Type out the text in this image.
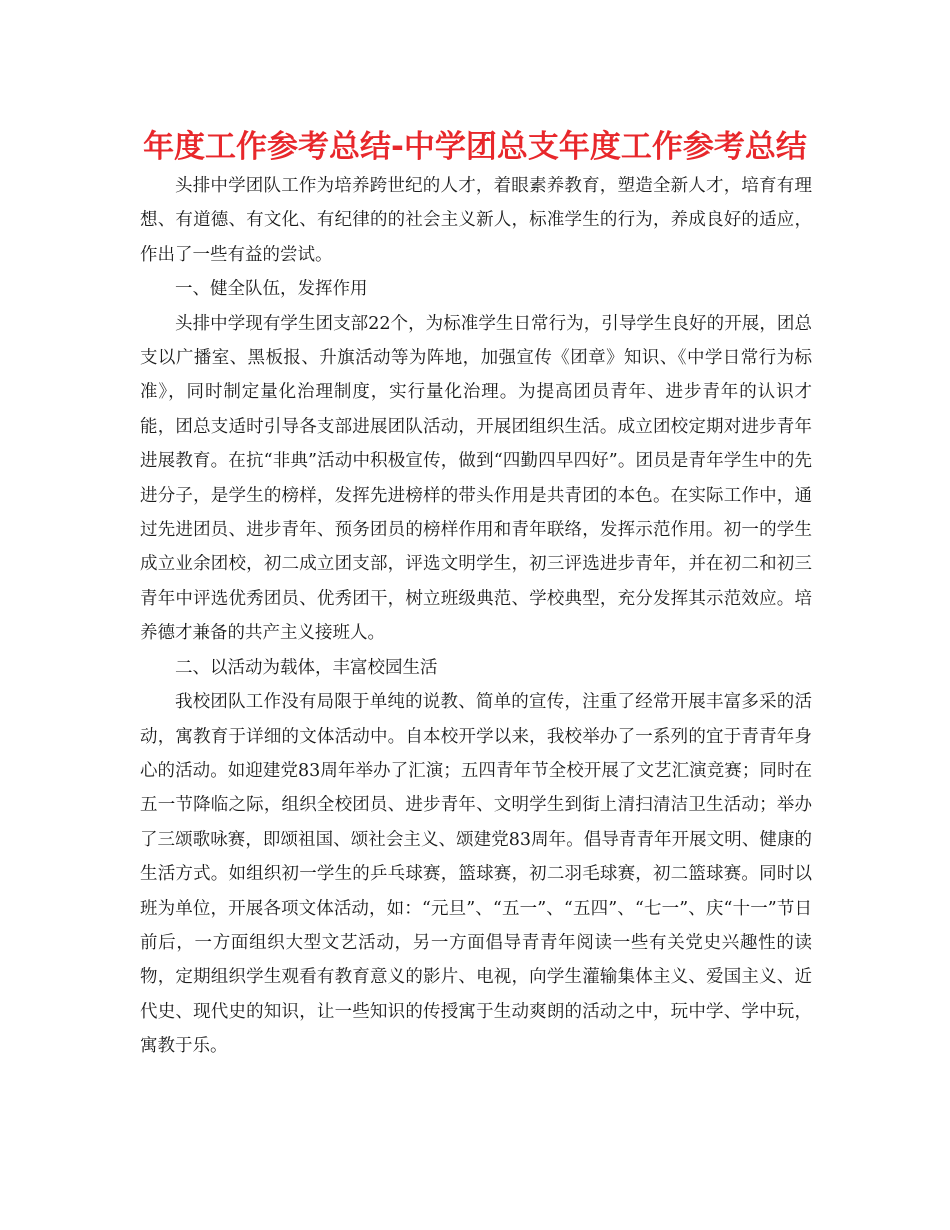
年度工作参考总结-中学团总支年度工作参考总结

头排中学团队工作为培养跨世纪的人才，着眼素养教育，塑造全新人才，培育有理想、有道德、有文化、有纪律的的社会主义新人，标准学生的行为，养成良好的适应，作出了一些有益的尝试。

一、健全队伍，发挥作用

头排中学现有学生团支部22个，为标准学生日常行为，引导学生良好的开展，团总支以广播室、黑板报、升旗活动等为阵地，加强宣传《团章》知识、《中学日常行为标准》，同时制定量化治理制度，实行量化治理。为提高团员青年、进步青年的认识才能，团总支适时引导各支部进展团队活动，开展团组织生活。成立团校定期对进步青年进展教育。在抗“非典”活动中积极宣传，做到“四勤四早四好”。团员是青年学生中的先进分子，是学生的榜样，发挥先进榜样的带头作用是共青团的本色。在实际工作中，通过先进团员、进步青年、预务团员的榜样作用和青年联络，发挥示范作用。初一的学生成立业余团校，初二成立团支部，评选文明学生，初三评选进步青年，并在初二和初三青年中评选优秀团员、优秀团干，树立班级典范、学校典型，充分发挥其示范效应。培养德才兼备的共产主义接班人。

二、以活动为载体，丰富校园生活

我校团队工作没有局限于单纯的说教、简单的宣传，注重了经常开展丰富多采的活动，寓教育于详细的文体活动中。自本校开学以来，我校举办了一系列的宜于青青年身心的活动。如迎建党83周年举办了汇演；五四青年节全校开展了文艺汇演竞赛；同时在五一节降临之际，组织全校团员、进步青年、文明学生到街上清扫清洁卫生活动；举办了三颂歌咏赛，即颂祖国、颂社会主义、颂建党83周年。倡导青青年开展文明、健康的生活方式。如组织初一学生的乒乓球赛，篮球赛，初二羽毛球赛，初二篮球赛。同时以班为单位，开展各项文体活动，如：“元旦”、“五一”、“五四”、“七一”、庆“十一”节日前后，一方面组织大型文艺活动，另一方面倡导青青年阅读一些有关党史兴趣性的读物，定期组织学生观看有教育意义的影片、电视，向学生灌输集体主义、爱国主义、近代史、现代史的知识，让一些知识的传授寓于生动爽朗的活动之中，玩中学、学中玩，寓教于乐。
